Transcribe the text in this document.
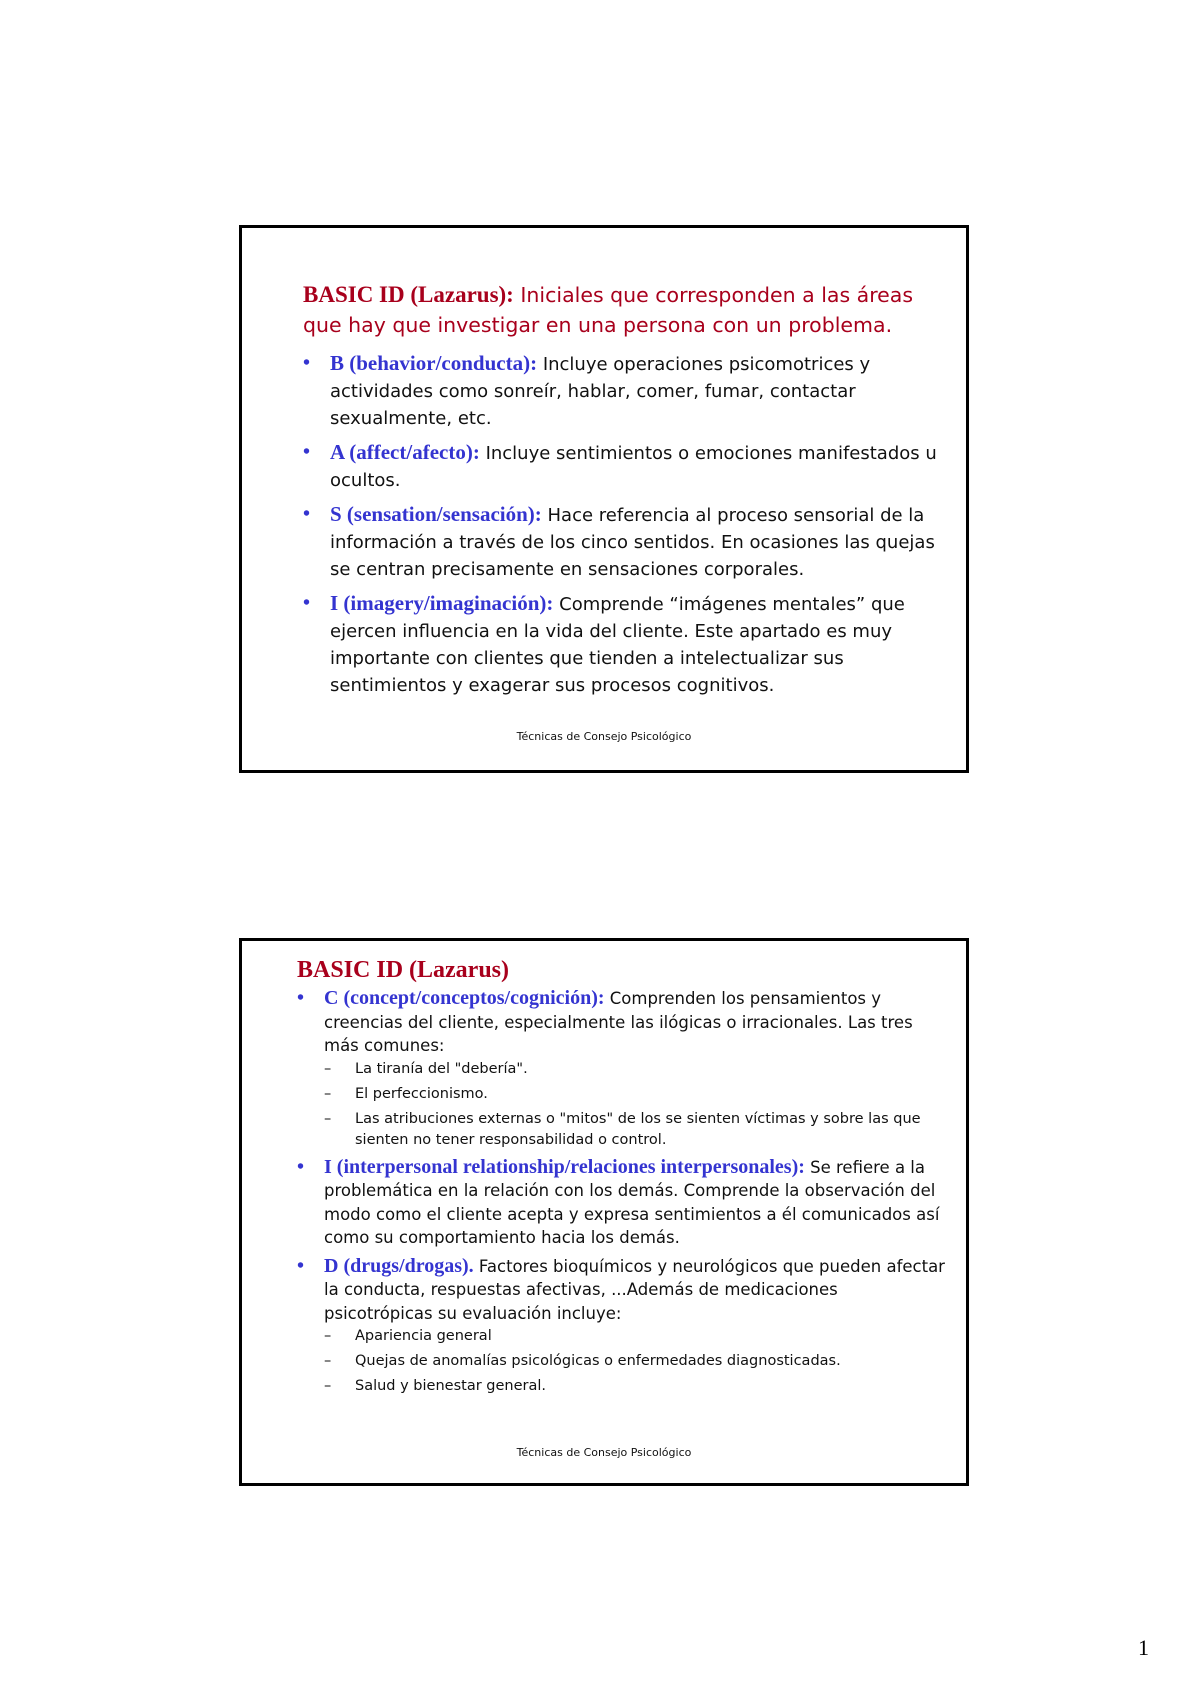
BASIC ID (Lazarus): Iniciales que corresponden a las áreas que hay que investigar en una persona con un problema.
• B (behavior/conducta): Incluye operaciones psicomotrices y actividades como sonreír, hablar, comer, fumar, contactar sexualmente, etc.
• A (affect/afecto): Incluye sentimientos o emociones manifestados u ocultos.
• S (sensation/sensación): Hace referencia al proceso sensorial de la información a través de los cinco sentidos. En ocasiones las quejas se centran precisamente en sensaciones corporales.
• I (imagery/imaginación): Comprende “imágenes mentales” que ejercen influencia en la vida del cliente. Este apartado es muy importante con clientes que tienden a intelectualizar sus sentimientos y exagerar sus procesos cognitivos.
Técnicas de Consejo Psicológico
BASIC ID (Lazarus)
• C (concept/conceptos/cognición): Comprenden los pensamientos y creencias del cliente, especialmente las ilógicas o irracionales. Las tres más comunes:
– La tiranía del "debería".
– El perfeccionismo.
– Las atribuciones externas o "mitos" de los se sienten víctimas y sobre las que sienten no tener responsabilidad o control.
• I (interpersonal relationship/relaciones interpersonales): Se refiere a la problemática en la relación con los demás. Comprende la observación del modo como el cliente acepta y expresa sentimientos a él comunicados así como su comportamiento hacia los demás.
• D (drugs/drogas). Factores bioquímicos y neurológicos que pueden afectar la conducta, respuestas afectivas, ...Además de medicaciones psicotrópicas su evaluación incluye:
– Apariencia general
– Quejas de anomalías psicológicas o enfermedades diagnosticadas.
– Salud y bienestar general.
Técnicas de Consejo Psicológico
1
